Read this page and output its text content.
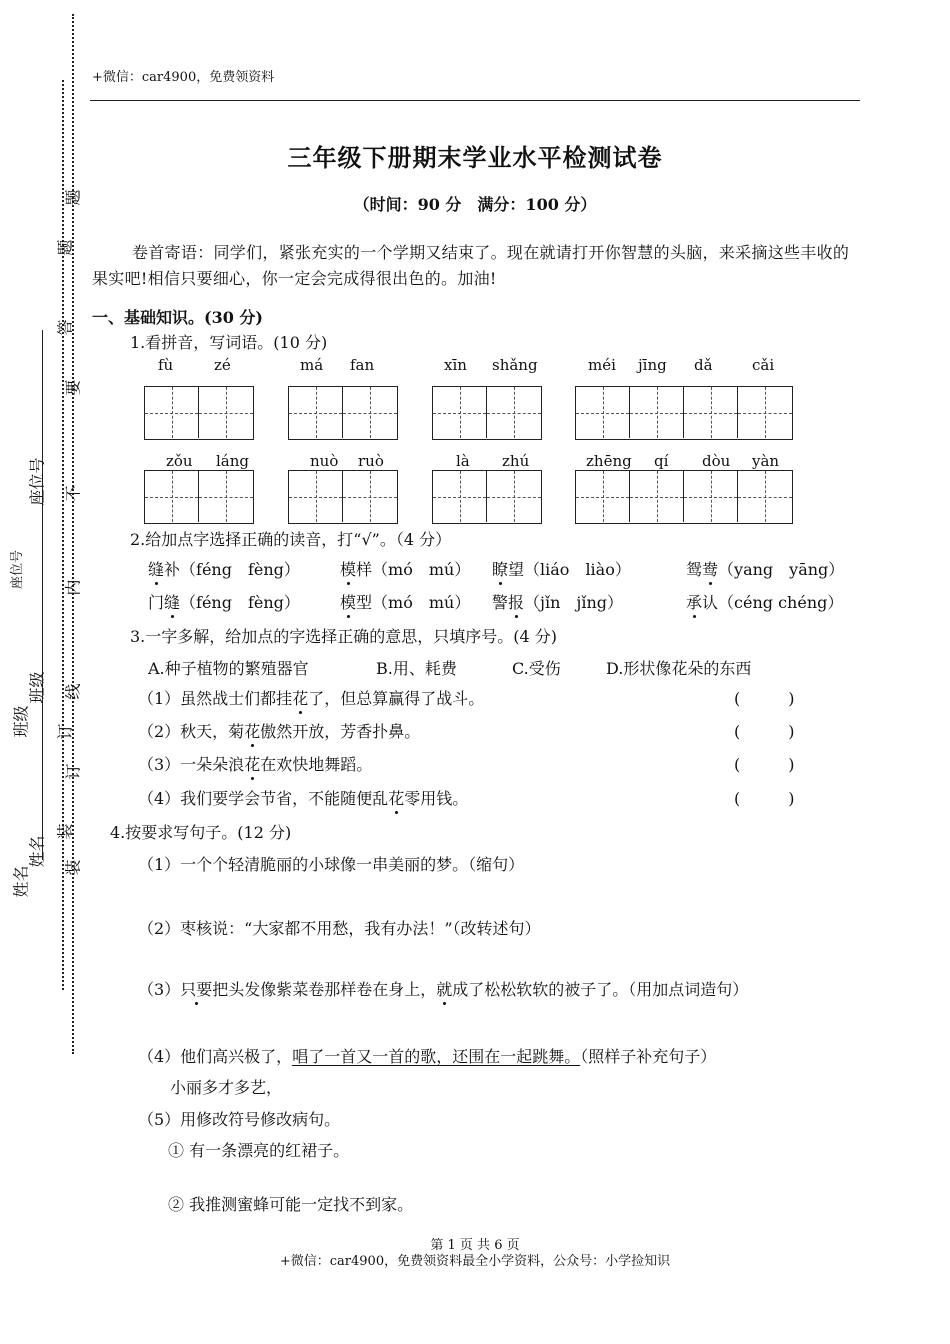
姓名
姓名
班级
班级
座位号
座位号
装
装
订
订
线
内
不
要
答
题
题
+微信：car4900，免费领资料
三年级下册期末学业水平检测试卷
（时间：90 分　满分：100 分）
卷首寄语：同学们，紧张充实的一个学期又结束了。现在就请打开你智慧的头脑，来采摘这些丰收的果实吧!相信只要细心，你一定会完成得很出色的。加油!
一、基础知识。(30 分)
1.看拼音，写词语。(10 分)
fù	zé	má fan	xīn shǎng	méi jīng dǎ	cǎi
zǒu láng	nuò ruò	là zhú	zhēng qí dòu yàn
2.给加点字选择正确的读音，打“√”。（4 分）
缝补（féng　fèng）	模样（mó　mú） 瞭望（liáo　liào）	鸳鸯（yang　yāng）
门缝（féng　fèng）	模型（mó　mú） 警报（jǐn　jǐng）	承认（céng chéng）
3.一字多解，给加点的字选择正确的意思，只填序号。(4 分)
A.种子植物的繁殖器官	B.用、耗费	C.受伤	D.形状像花朵的东西
（1）虽然战士们都挂花了，但总算赢得了战斗。	(　　　)
（2）秋天，菊花傲然开放，芳香扑鼻。	(　　　)
（3）一朵朵浪花在欢快地舞蹈。	(　　　)
（4）我们要学会节省，不能随便乱花零用钱。	(　　　)
4.按要求写句子。(12 分)
（1）一个个轻清脆丽的小球像一串美丽的梦。（缩句）
（2）枣核说：“大家都不用愁，我有办法！”（改转述句）
（3）只要把头发像紫菜卷那样卷在身上，就成了松松软软的被子了。（用加点词造句）
（4）他们高兴极了，唱了一首又一首的歌，还围在一起跳舞。（照样子补充句子）
小丽多才多艺，
（5）用修改符号修改病句。
① 有一条漂亮的红裙子。
② 我推测蜜蜂可能一定找不到家。
第 1 页 共 6 页
+微信：car4900，免费领资料最全小学资料，公众号：小学捡知识
